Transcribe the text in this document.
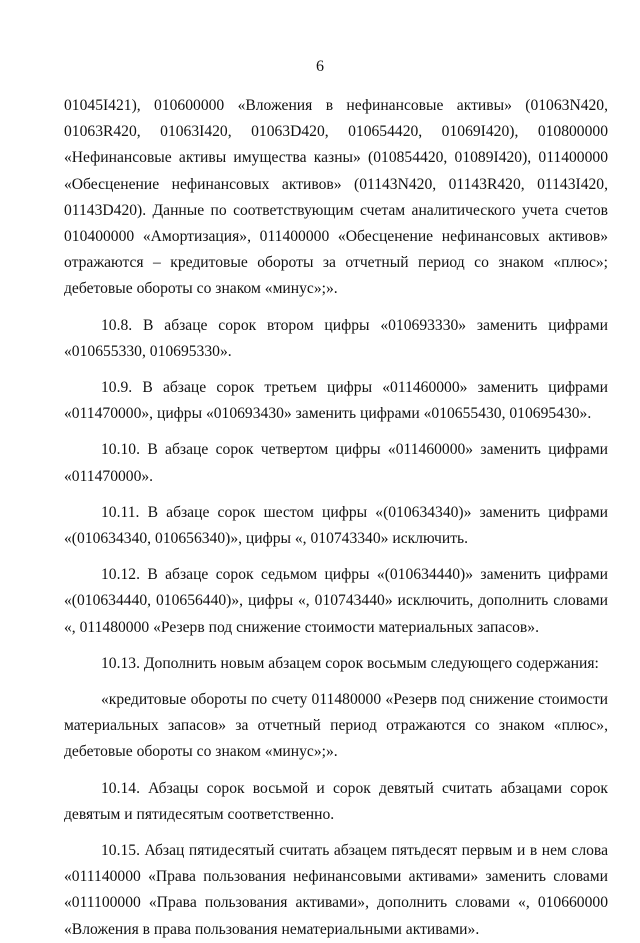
6

01045I421), 010600000 «Вложения в нефинансовые активы» (01063N420, 01063R420, 01063I420, 01063D420, 010654420, 01069I420), 010800000 «Нефинансовые активы имущества казны» (010854420, 01089I420), 011400000 «Обесценение нефинансовых активов» (01143N420, 01143R420, 01143I420, 01143D420). Данные по соответствующим счетам аналитического учета счетов 010400000 «Амортизация», 011400000 «Обесценение нефинансовых активов» отражаются – кредитовые обороты за отчетный период со знаком «плюс»; дебетовые обороты со знаком «минус»;».

10.8. В абзаце сорок втором цифры «010693330» заменить цифрами «010655330, 010695330».

10.9. В абзаце сорок третьем цифры «011460000» заменить цифрами «011470000», цифры «010693430» заменить цифрами «010655430, 010695430».

10.10. В абзаце сорок четвертом цифры «011460000» заменить цифрами «011470000».

10.11. В абзаце сорок шестом цифры «(010634340)» заменить цифрами «(010634340, 010656340)», цифры «, 010743340» исключить.

10.12. В абзаце сорок седьмом цифры «(010634440)» заменить цифрами «(010634440, 010656440)», цифры «, 010743440» исключить, дополнить словами «, 011480000 «Резерв под снижение стоимости материальных запасов».

10.13. Дополнить новым абзацем сорок восьмым следующего содержания:

«кредитовые обороты по счету 011480000 «Резерв под снижение стоимости материальных запасов» за отчетный период отражаются со знаком «плюс», дебетовые обороты со знаком «минус»;».

10.14. Абзацы сорок восьмой и сорок девятый считать абзацами сорок девятым и пятидесятым соответственно.

10.15. Абзац пятидесятый считать абзацем пятьдесят первым и в нем слова «011140000 «Права пользования нефинансовыми активами» заменить словами «011100000 «Права пользования активами», дополнить словами «, 010660000 «Вложения в права пользования нематериальными активами».
